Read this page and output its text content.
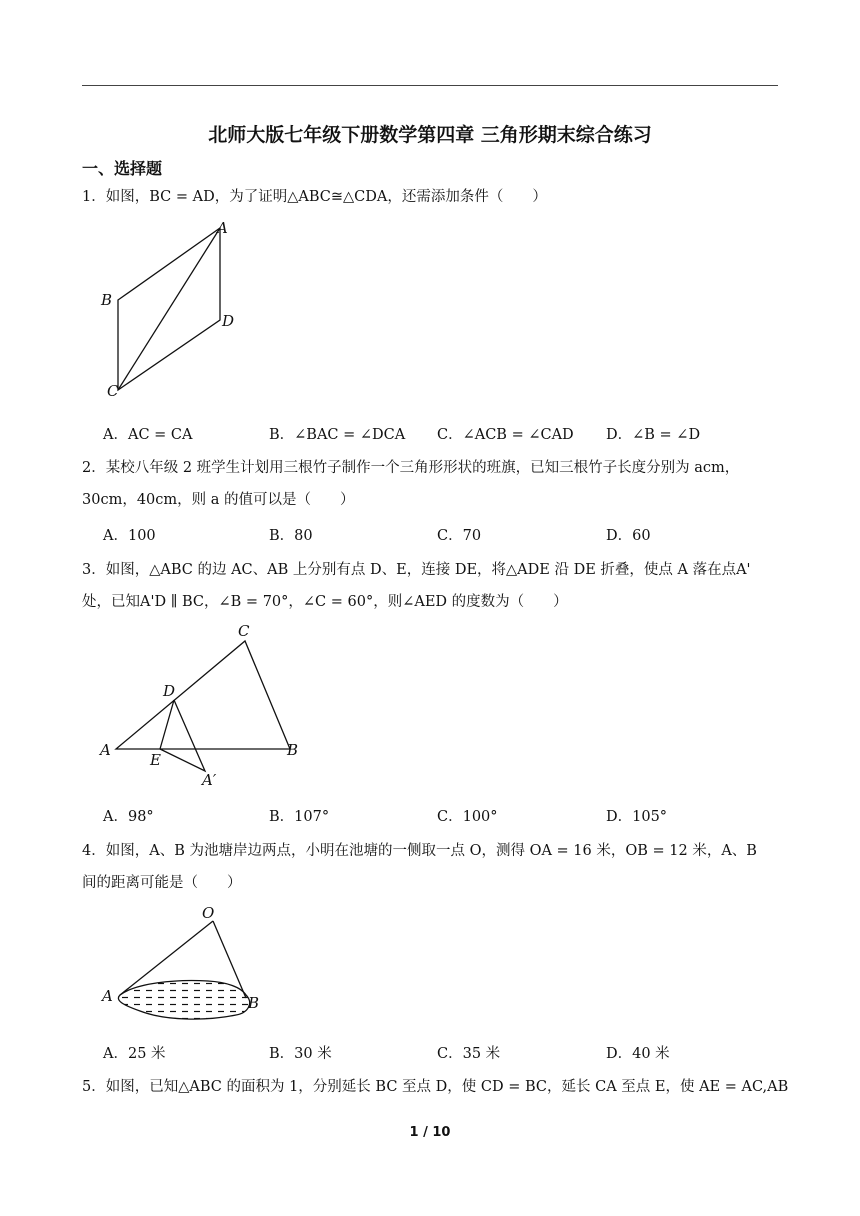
北师大版七年级下册数学第四章 三角形期末综合练习
一、选择题
1．如图，BC = AD，为了证明△ABC≅△CDA，还需添加条件（　　）
A
B
C
D
A．AC = CA	B．∠BAC = ∠DCA C．∠ACB = ∠CAD D．∠B = ∠D
2．某校八年级 2 班学生计划用三根竹子制作一个三角形形状的班旗，已知三根竹子长度分别为 acm，
30cm，40cm，则 a 的值可以是（　　）
A．100	B．80	C．70	D．60
3．如图，△ABC 的边 AC、AB 上分别有点 D、E，连接 DE，将△ADE 沿 DE 折叠，使点 A 落在点A'
处，已知A'D ∥ BC，∠B = 70°，∠C = 60°，则∠AED 的度数为（　　）
C
D
A
E
B
A′
A．98°	B．107°	C．100°	D．105°
4．如图，A、B 为池塘岸边两点，小明在池塘的一侧取一点 O，测得 OA = 16 米，OB = 12 米，A、B
间的距离可能是（　　）
O
A	B
A．25 米	B．30 米	C．35 米	D．40 米
5．如图，已知△ABC 的面积为 1，分别延长 BC 至点 D，使 CD = BC，延长 CA 至点 E，使 AE = AC,AB
1 / 10
